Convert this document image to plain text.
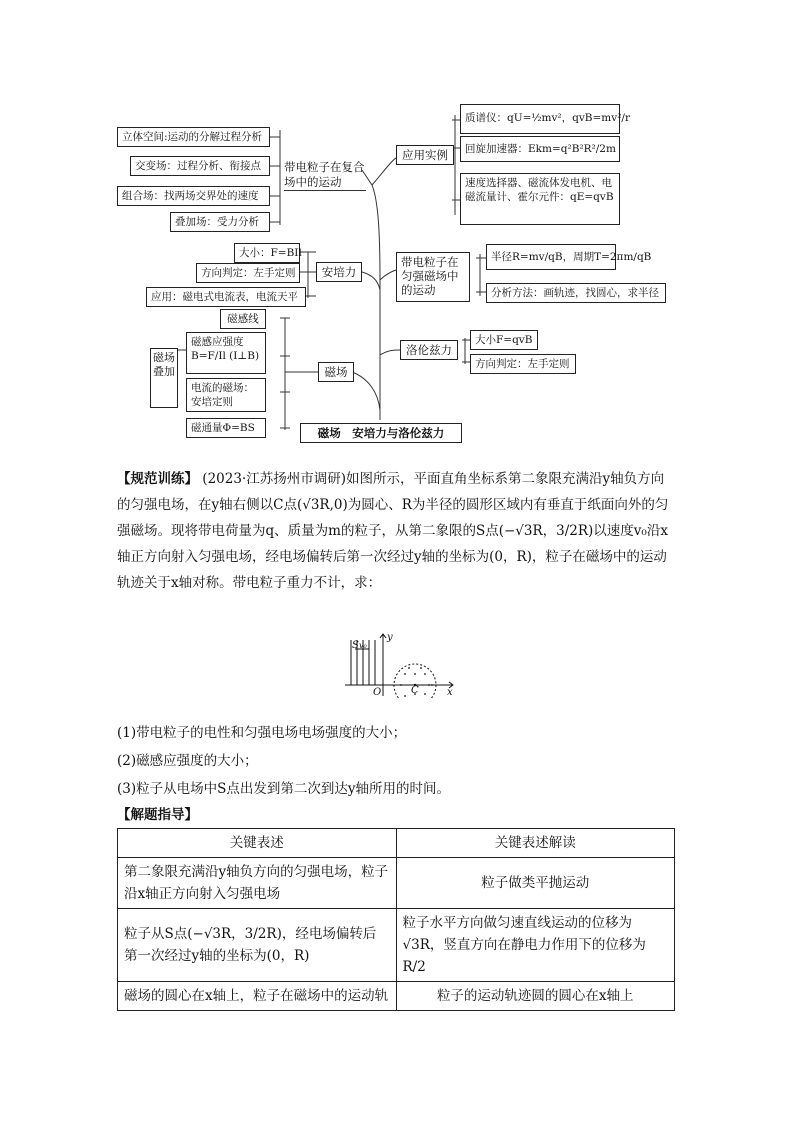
立体空间:运动的分解过程分析
交变场：过程分析、衔接点
组合场：找两场交界处的速度
叠加场：受力分析
带电粒子在复合场中的运动
应用实例
质谱仪：qU=½mv²，qvB=mv²/r
回旋加速器：Ekm=q²B²R²/2m
速度选择器、磁流体发电机、电磁流量计、霍尔元件：qE=qvB
带电粒子在匀强磁场中的运动
半径R=mv/qB，周期T=2πm/qB
分析方法：画轨迹，找圆心，求半径
大小：F=BIl
方向判定：左手定则
应用：磁电式电流表，电流天平
安培力
洛伦兹力
大小F=qvB
方向判定：左手定则
磁场
磁场叠加
磁感线
磁感应强度 B=F/Il (I⊥B)
电流的磁场：安培定则
磁通量Φ=BS	磁场　安培力与洛伦兹力
【规范训练】 (2023·江苏扬州市调研)如图所示，平面直角坐标系第二象限充满沿y轴负方向的匀强电场，在y轴右侧以C点(√3R,0)为圆心、R为半径的圆形区域内有垂直于纸面向外的匀强磁场。现将带电荷量为q、质量为m的粒子，从第二象限的S点(−√3R，3/2R)以速度v₀沿x轴正方向射入匀强电场，经电场偏转后第一次经过y轴的坐标为(0，R)，粒子在磁场中的运动轨迹关于x轴对称。带电粒子重力不计，求：
y
x
O
S v₀
C
(1)带电粒子的电性和匀强电场电场强度的大小；
(2)磁感应强度的大小；
(3)粒子从电场中S点出发到第二次到达y轴所用的时间。
【解题指导】
关键表述	关键表述解读
第二象限充满沿y轴负方向的匀强电场，粒子沿x轴正方向射入匀强电场	粒子做类平抛运动
粒子从S点(−√3R，3/2R)，经电场偏转后第一次经过y轴的坐标为(0，R)	粒子水平方向做匀速直线运动的位移为√3R，竖直方向在静电力作用下的位移为R/2
磁场的圆心在x轴上，粒子在磁场中的运动轨	粒子的运动轨迹圆的圆心在x轴上
